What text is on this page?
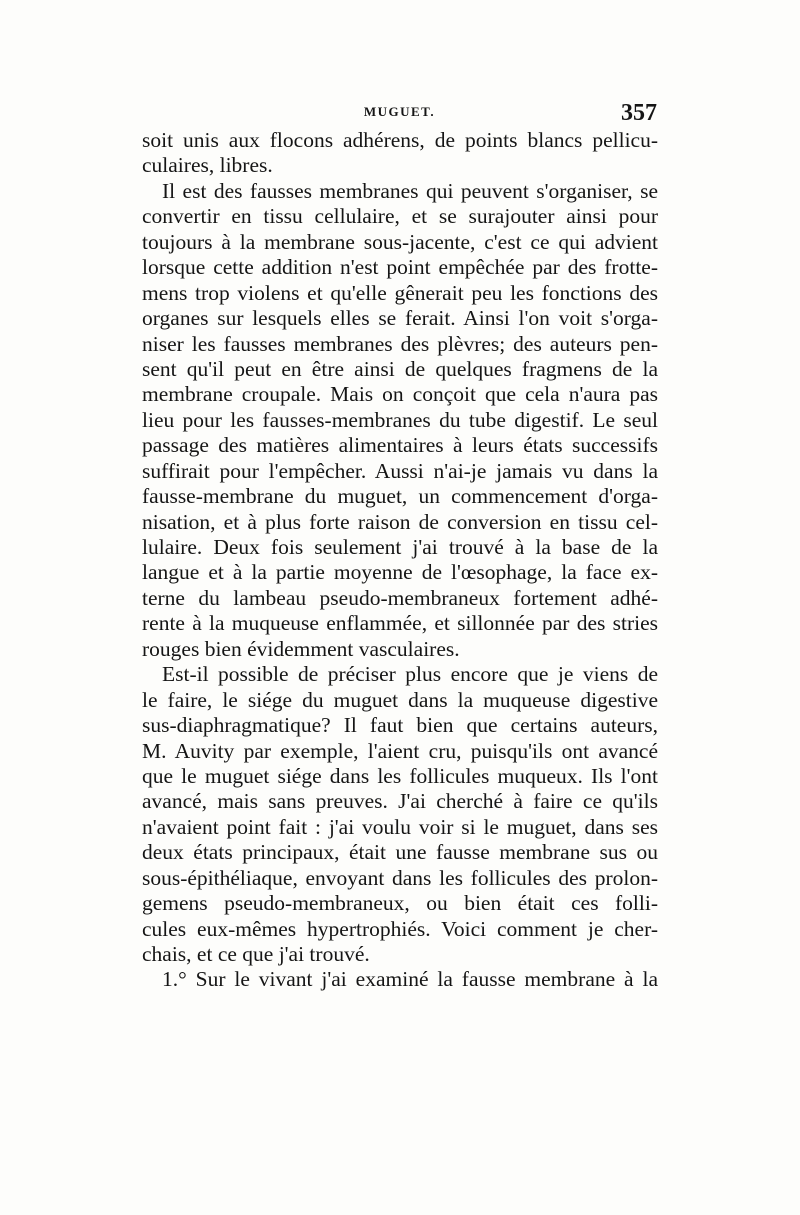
MUGUET.	357
soit unis aux flocons adhérens, de points blancs pellicu-
culaires, libres.
Il est des fausses membranes qui peuvent s'organiser, se
convertir en tissu cellulaire, et se surajouter ainsi pour
toujours à la membrane sous-jacente, c'est ce qui advient
lorsque cette addition n'est point empêchée par des frotte-
mens trop violens et qu'elle gênerait peu les fonctions des
organes sur lesquels elles se ferait. Ainsi l'on voit s'orga-
niser les fausses membranes des plèvres; des auteurs pen-
sent qu'il peut en être ainsi de quelques fragmens de la
membrane croupale. Mais on conçoit que cela n'aura pas
lieu pour les fausses-membranes du tube digestif. Le seul
passage des matières alimentaires à leurs états successifs
suffirait pour l'empêcher. Aussi n'ai-je jamais vu dans la
fausse-membrane du muguet, un commencement d'orga-
nisation, et à plus forte raison de conversion en tissu cel-
lulaire. Deux fois seulement j'ai trouvé à la base de la
langue et à la partie moyenne de l'œsophage, la face ex-
terne du lambeau pseudo-membraneux fortement adhé-
rente à la muqueuse enflammée, et sillonnée par des stries
rouges bien évidemment vasculaires.
Est-il possible de préciser plus encore que je viens de
le faire, le siége du muguet dans la muqueuse digestive
sus-diaphragmatique? Il faut bien que certains auteurs,
M. Auvity par exemple, l'aient cru, puisqu'ils ont avancé
que le muguet siége dans les follicules muqueux. Ils l'ont
avancé, mais sans preuves. J'ai cherché à faire ce qu'ils
n'avaient point fait : j'ai voulu voir si le muguet, dans ses
deux états principaux, était une fausse membrane sus ou
sous-épithéliaque, envoyant dans les follicules des prolon-
gemens pseudo-membraneux, ou bien était ces folli-
cules eux-mêmes hypertrophiés. Voici comment je cher-
chais, et ce que j'ai trouvé.
1.° Sur le vivant j'ai examiné la fausse membrane à la
